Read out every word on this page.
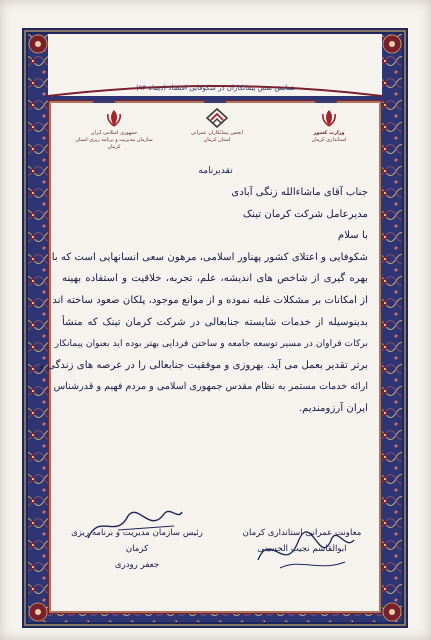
همایش نقش پیمانکاران در شکوفایی اقتصاد (دیماه ۹۴)
وزارت کشور
استانداری کرمان
انجمن پیمانکاران عمرانی
استان کرمان
جمهوری اسلامی ایران
سازمان مدیریت و برنامه ریزی استان کرمان
تقدیرنامه
جناب آقای ماشاءالله زنگی آبادی
مدیرعامل شرکت کرمان تینک
با سلام
شکوفایی و اعتلای کشور پهناور اسلامی، مرهون سعی انسانهایی است که با
بهره گیری از شاخص های اندیشه، علم، تجربه، خلاقیت و استفاده بهینه
از امکانات بر مشکلات غلبه نموده و از موانع موجود، پلکان صعود ساخته اند
بدینوسیله از خدمات شایسته جنابعالی در شرکت کرمان تینک که منشأ
برکات فراوان در مسیر توسعه جامعه و ساختن فردایی بهتر بوده اید بعنوان پیمانکار
برتر تقدیر بعمل می آید. بهروزی و موفقیت جنابعالی را در عرصه های زندگی و
ارائه خدمات مستمر به نظام مقدس جمهوری اسلامی و مردم فهیم و قدرشناس
ایران آرزومندیم.
معاونت عمرانی استانداری کرمان
ابوالقاسم نجیب الحسینی
رئیس سازمان مدیریت و برنامه ریزی کرمان
جعفر رودری
